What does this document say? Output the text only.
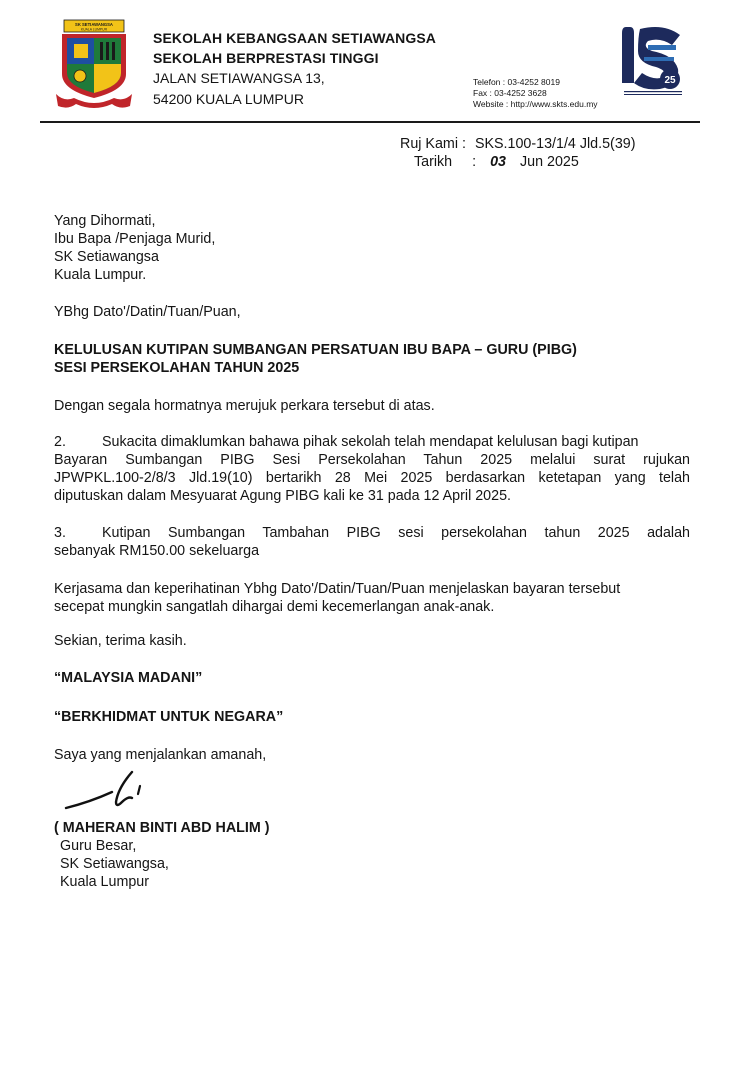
SK SETIAWANGSA
KUALA LUMPUR
SEKOLAH KEBANGSAAN SETIAWANGSA
SEKOLAH BERPRESTASI TINGGI
JALAN SETIAWANGSA 13,
54200 KUALA LUMPUR
Telefon : 03-4252 8019
Fax : 03-4252 3628
Website : http://www.skts.edu.my
25
Ruj Kami : SKS.100-13/1/4 Jld.5(39)
Tarikh : 03 Jun 2025
Yang Dihormati,
Ibu Bapa /Penjaga Murid,
SK Setiawangsa
Kuala Lumpur.
YBhg Dato'/Datin/Tuan/Puan,
KELULUSAN KUTIPAN SUMBANGAN PERSATUAN IBU BAPA – GURU (PIBG)
SESI PERSEKOLAHAN TAHUN 2025
Dengan segala hormatnya merujuk perkara tersebut di atas.
2.	Sukacita dimaklumkan bahawa pihak sekolah telah mendapat kelulusan bagi kutipan
Bayaran Sumbangan PIBG Sesi Persekolahan Tahun 2025 melalui surat rujukan
JPWPKL.100-2/8/3 Jld.19(10) bertarikh 28 Mei 2025 berdasarkan ketetapan yang telah
diputuskan dalam Mesyuarat Agung PIBG kali ke 31 pada 12 April 2025.
3.	Kutipan Sumbangan Tambahan PIBG sesi persekolahan tahun 2025 adalah
sebanyak RM150.00 sekeluarga
Kerjasama dan keperihatinan Ybhg Dato'/Datin/Tuan/Puan menjelaskan bayaran tersebut
secepat mungkin sangatlah dihargai demi kecemerlangan anak-anak.
Sekian, terima kasih.
“MALAYSIA MADANI”
“BERKHIDMAT UNTUK NEGARA”
Saya yang menjalankan amanah,
( MAHERAN BINTI ABD HALIM )
Guru Besar,
SK Setiawangsa,
Kuala Lumpur
